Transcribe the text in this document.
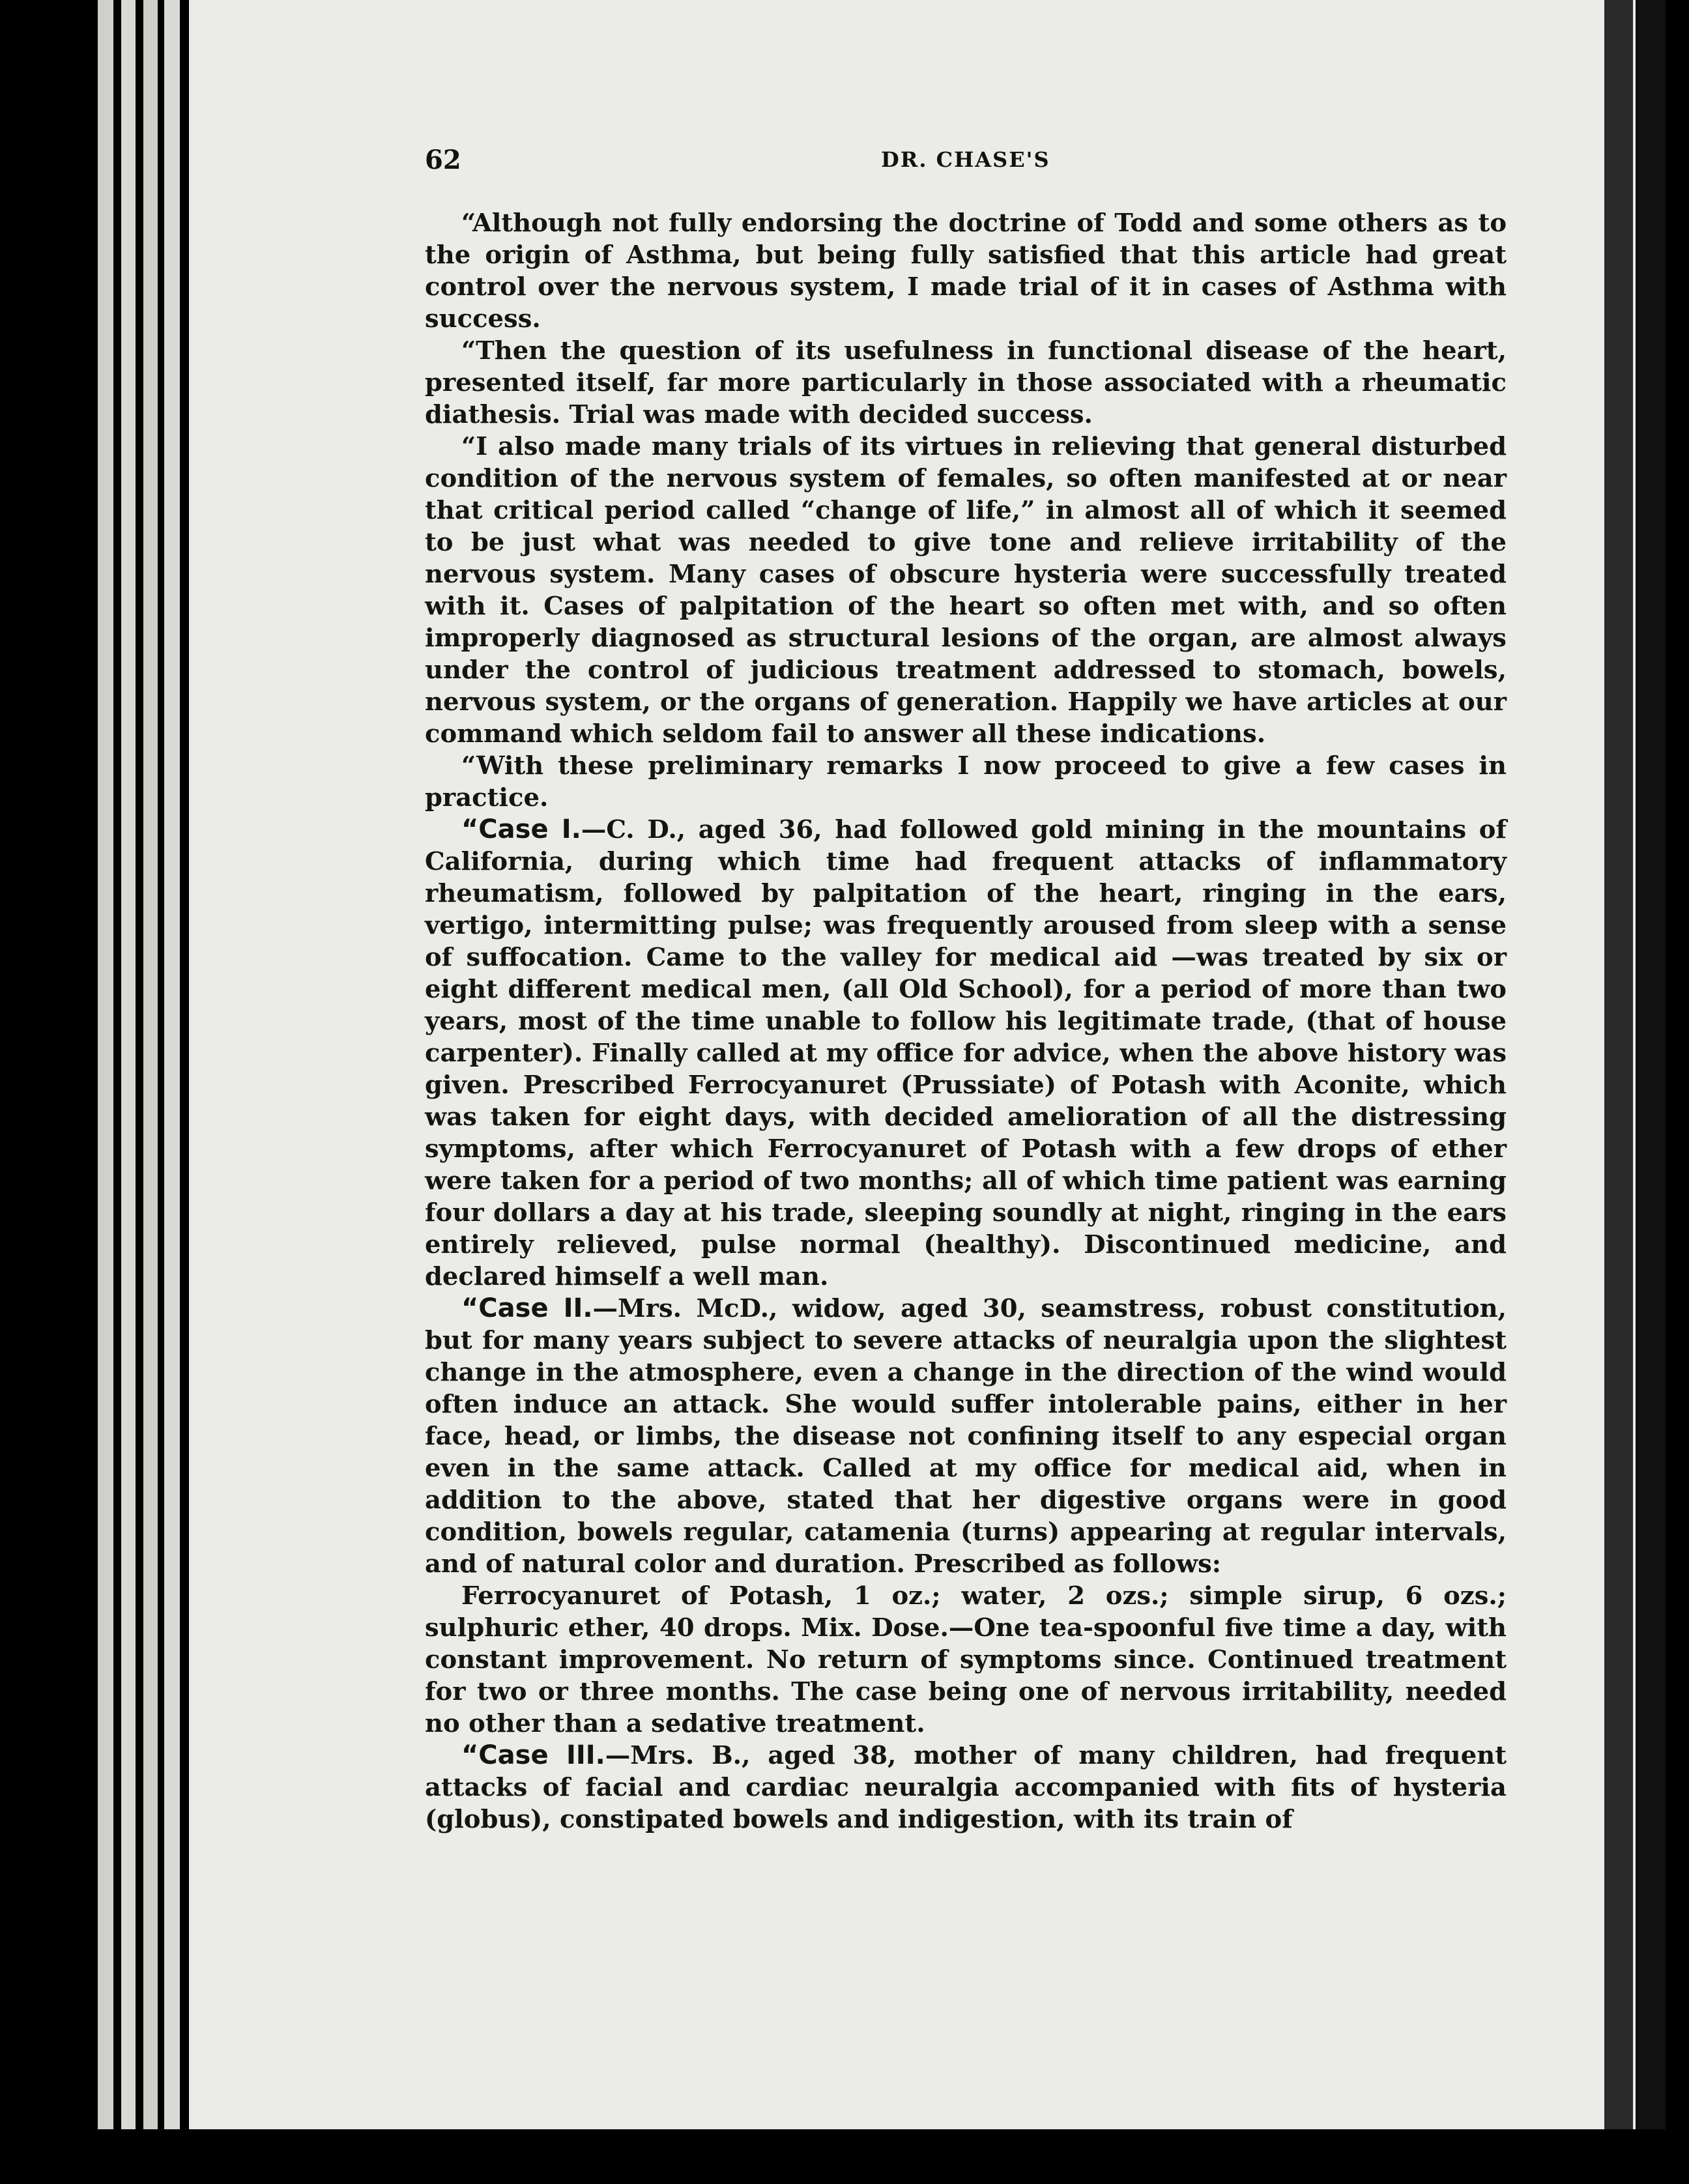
62	DR. CHASE'S

“Although not fully endorsing the doctrine of Todd and some others as to the origin of Asthma, but being fully satisfied that this article had great control over the nervous system, I made trial of it in cases of Asthma with success.

“Then the question of its usefulness in functional disease of the heart, presented itself, far more particularly in those associated with a rheumatic diathesis. Trial was made with decided success.

“I also made many trials of its virtues in relieving that general disturbed condition of the nervous system of females, so often manifested at or near that critical period called “change of life,” in almost all of which it seemed to be just what was needed to give tone and relieve irritability of the nervous system. Many cases of obscure hysteria were successfully treated with it. Cases of palpitation of the heart so often met with, and so often improperly diagnosed as structural lesions of the organ, are almost always under the control of judicious treatment addressed to stomach, bowels, nervous system, or the organs of generation. Happily we have articles at our command which seldom fail to answer all these indications.

“With these preliminary remarks I now proceed to give a few cases in practice.

“Case I.—C. D., aged 36, had followed gold mining in the mountains of California, during which time had frequent attacks of inflammatory rheumatism, followed by palpitation of the heart, ringing in the ears, vertigo, intermitting pulse; was frequently aroused from sleep with a sense of suffocation. Came to the valley for medical aid —was treated by six or eight different medical men, (all Old School), for a period of more than two years, most of the time unable to follow his legitimate trade, (that of house carpenter). Finally called at my office for advice, when the above history was given. Prescribed Ferrocyanuret (Prussiate) of Potash with Aconite, which was taken for eight days, with decided amelioration of all the distressing symptoms, after which Ferrocyanuret of Potash with a few drops of ether were taken for a period of two months; all of which time patient was earning four dollars a day at his trade, sleeping soundly at night, ringing in the ears entirely relieved, pulse normal (healthy). Discontinued medicine, and declared himself a well man.

“Case II.—Mrs. McD., widow, aged 30, seamstress, robust constitution, but for many years subject to severe attacks of neuralgia upon the slightest change in the atmosphere, even a change in the direction of the wind would often induce an attack. She would suffer intolerable pains, either in her face, head, or limbs, the disease not confining itself to any especial organ even in the same attack. Called at my office for medical aid, when in addition to the above, stated that her digestive organs were in good condition, bowels regular, catamenia (turns) appearing at regular intervals, and of natural color and duration. Prescribed as follows:

Ferrocyanuret of Potash, 1 oz.; water, 2 ozs.; simple sirup, 6 ozs.; sulphuric ether, 40 drops. Mix. Dose.—One tea-spoonful five time a day, with constant improvement. No return of symptoms since. Continued treatment for two or three months. The case being one of nervous irritability, needed no other than a sedative treatment.

“Case III.—Mrs. B., aged 38, mother of many children, had frequent attacks of facial and cardiac neuralgia accompanied with fits of hysteria (globus), constipated bowels and indigestion, with its train of
